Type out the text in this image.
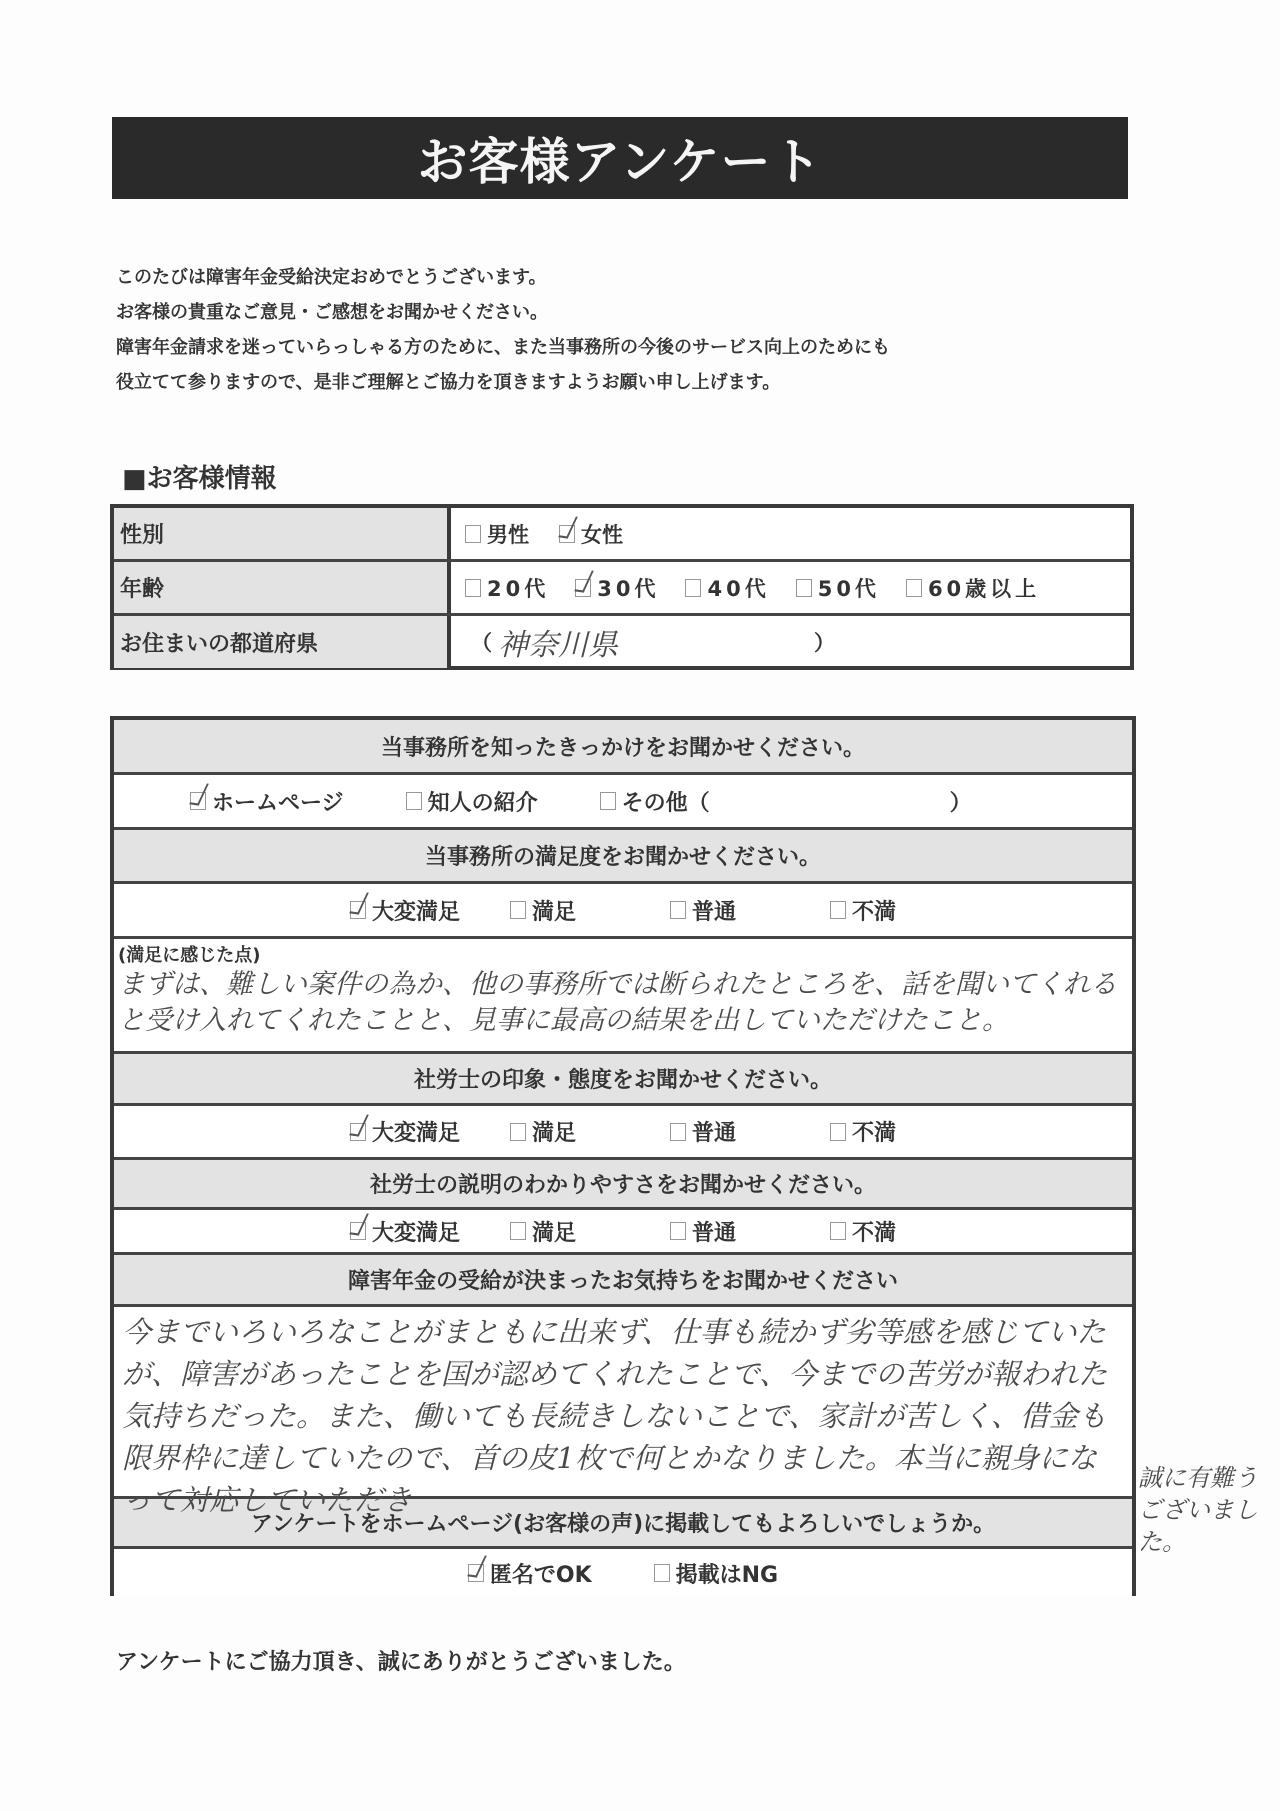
お客様アンケート

このたびは障害年金受給決定おめでとうございます。

お客様の貴重なご意見・ご感想をお聞かせください。

障害年金請求を迷っていらっしゃる方のために、また当事務所の今後のサービス向上のためにも

役立てて参りますので、是非ご理解とご協力を頂きますようお願い申し上げます。

■お客様情報
性別	男性 女性
年齢	20代 30代 40代 50代 60歳以上
お住まいの都道府県	（ 神奈川県	）
当事務所を知ったきっかけをお聞かせください。
ホームページ	知人の紹介	その他（	）
当事務所の満足度をお聞かせください。
大変満足	満足	普通	不満
(満足に感じた点)
まずは、難しい案件の為か、他の事務所では断られたところを、話を聞いてくれると受け入れてくれたことと、見事に最高の結果を出していただけたこと。
社労士の印象・態度をお聞かせください。
大変満足	満足	普通	不満
社労士の説明のわかりやすさをお聞かせください。
大変満足	満足	普通	不満
障害年金の受給が決まったお気持ちをお聞かせください
今までいろいろなことがまともに出来ず、仕事も続かず劣等感を感じていたが、障害があったことを国が認めてくれたことで、今までの苦労が報われた気持ちだった。また、働いても長続きしないことで、家計が苦しく、借金も限界枠に達していたので、首の皮1枚で何とかなりました。本当に親身になって対応していただき
アンケートをホームページ(お客様の声)に掲載してもよろしいでしょうか。
匿名でOK	掲載はNG
誠に有難うございました。
アンケートにご協力頂き、誠にありがとうございました。
